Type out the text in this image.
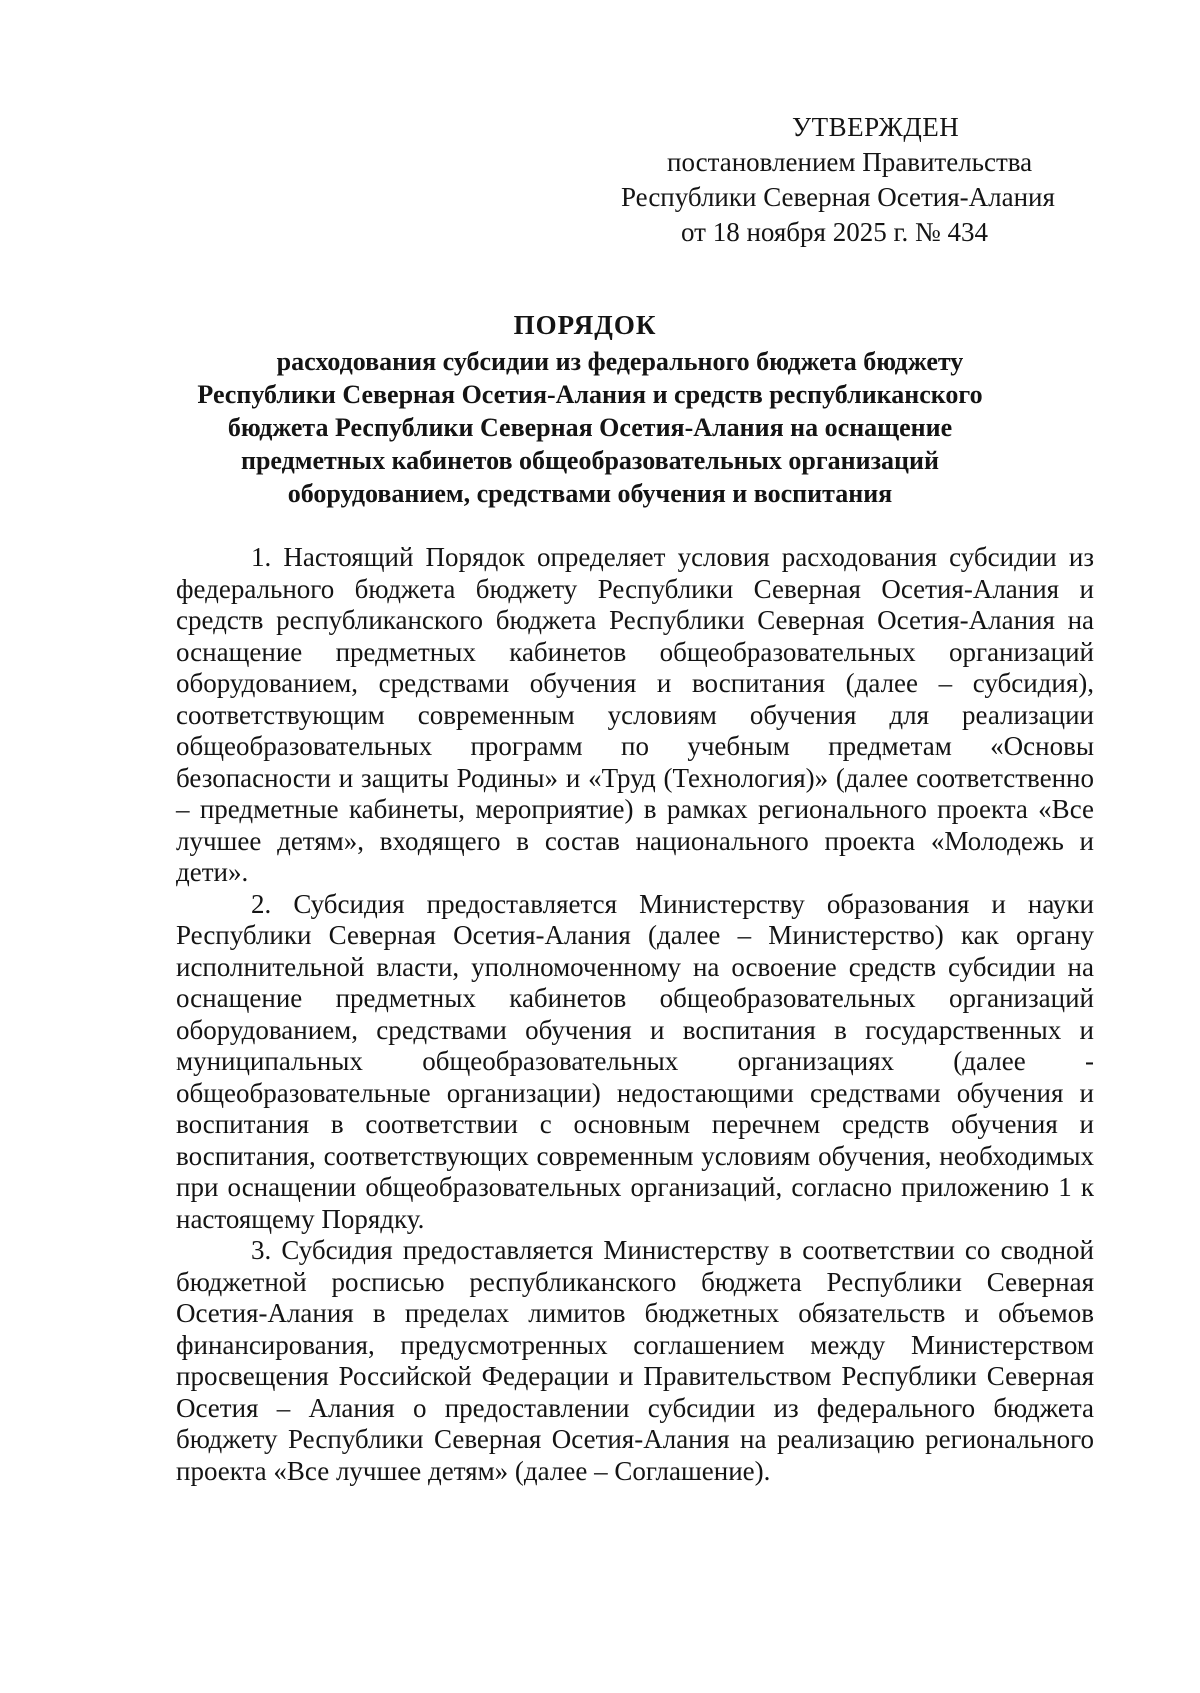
УТВЕРЖДЕН
постановлением Правительства
Республики Северная Осетия-Алания
от 18 ноября 2025 г. № 434
ПОРЯДОК
расходования субсидии из федерального бюджета бюджету
Республики Северная Осетия-Алания и средств республиканского
бюджета Республики Северная Осетия-Алания на оснащение
предметных кабинетов общеобразовательных организаций
оборудованием, средствами обучения и воспитания

1. Настоящий Порядок определяет условия расходования субсидии из федерального бюджета бюджету Республики Северная Осетия-Алания и средств республиканского бюджета Республики Северная Осетия-Алания на оснащение предметных кабинетов общеобразовательных организаций оборудованием, средствами обучения и воспитания (далее – субсидия), соответствующим современным условиям обучения для реализации общеобразовательных программ по учебным предметам «Основы безопасности и защиты Родины» и «Труд (Технология)» (далее соответственно – предметные кабинеты, мероприятие) в рамках регионального проекта «Все лучшее детям», входящего в состав национального проекта «Молодежь и дети».

2. Субсидия предоставляется Министерству образования и науки Республики Северная Осетия-Алания (далее – Министерство) как органу исполнительной власти, уполномоченному на освоение средств субсидии на оснащение предметных кабинетов общеобразовательных организаций оборудованием, средствами обучения и воспитания в государственных и муниципальных общеобразовательных организациях (далее - общеобразовательные организации) недостающими средствами обучения и воспитания в соответствии с основным перечнем средств обучения и воспитания, соответствующих современным условиям обучения, необходимых при оснащении общеобразовательных организаций, согласно приложению 1 к настоящему Порядку.

3. Субсидия предоставляется Министерству в соответствии со сводной бюджетной росписью республиканского бюджета Республики Северная Осетия-Алания в пределах лимитов бюджетных обязательств и объемов финансирования, предусмотренных соглашением между Министерством просвещения Российской Федерации и Правительством Республики Северная Осетия – Алания о предоставлении субсидии из федерального бюджета бюджету Республики Северная Осетия-Алания на реализацию регионального проекта «Все лучшее детям» (далее – Соглашение).
